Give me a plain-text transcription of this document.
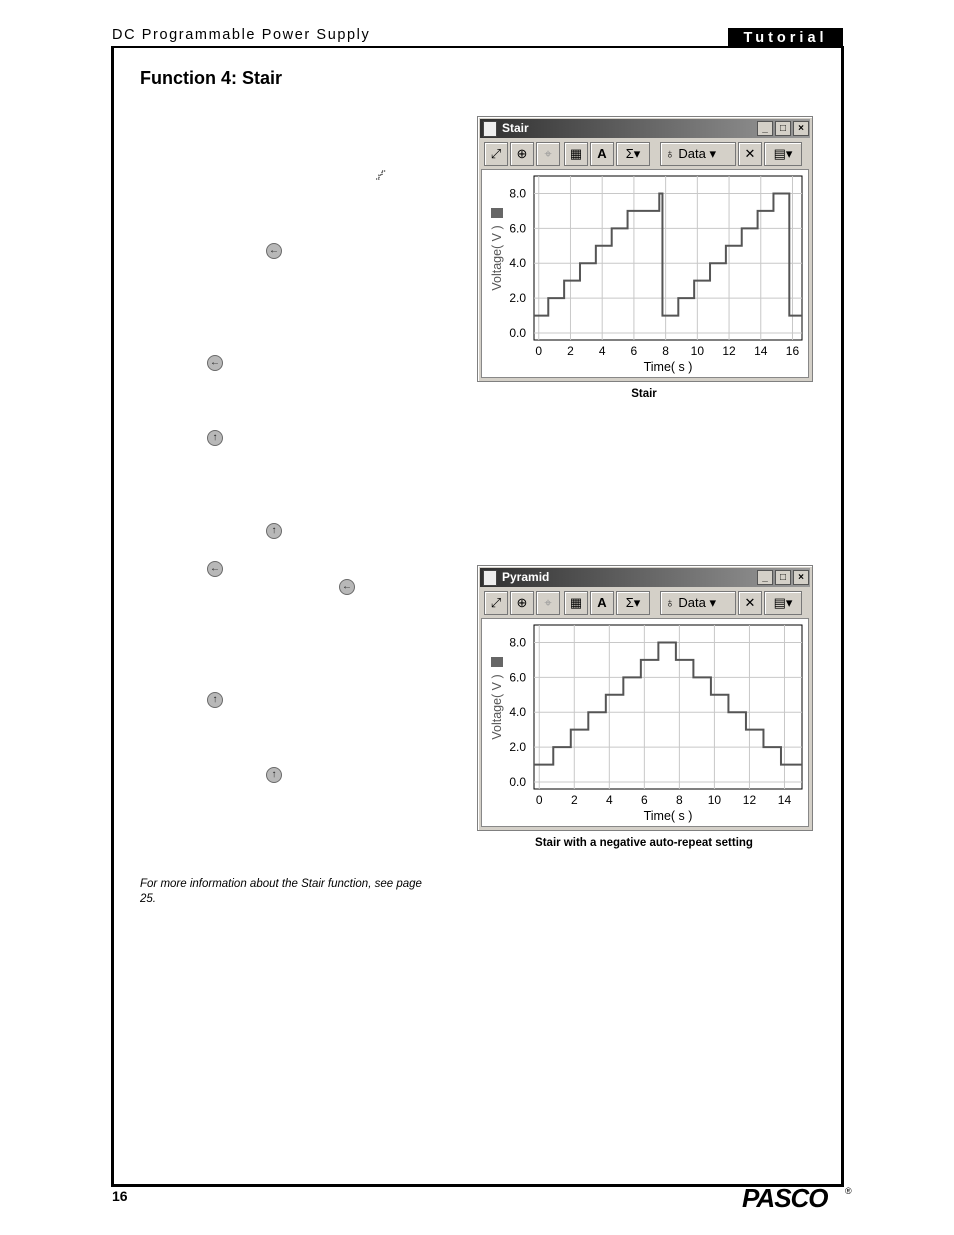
DC Programmable Power Supply	Tutorial
Function 4: Stair
←
←
↑
↑
←
←
↑
↑
Stair	_	□	×
⤢	⊕	⌖	▦	A	Σ▾	♁ Data ▾	✕	▤▾
0 2 4 6 8 10 12 14 16
0.0
2.0
4.0
6.0
8.0
Time( s )
Voltage( V )
Stair
Pyramid	_	□	×
⤢	⊕	⌖	▦	A	Σ▾	♁ Data ▾	✕	▤▾
0 2 4 6 8 10 12 14
0.0
2.0
4.0
6.0
8.0
Time( s )
Voltage( V )
Stair with a negative auto-repeat setting
For more information about the Stair function, see page 25.
16	PASCO ®
